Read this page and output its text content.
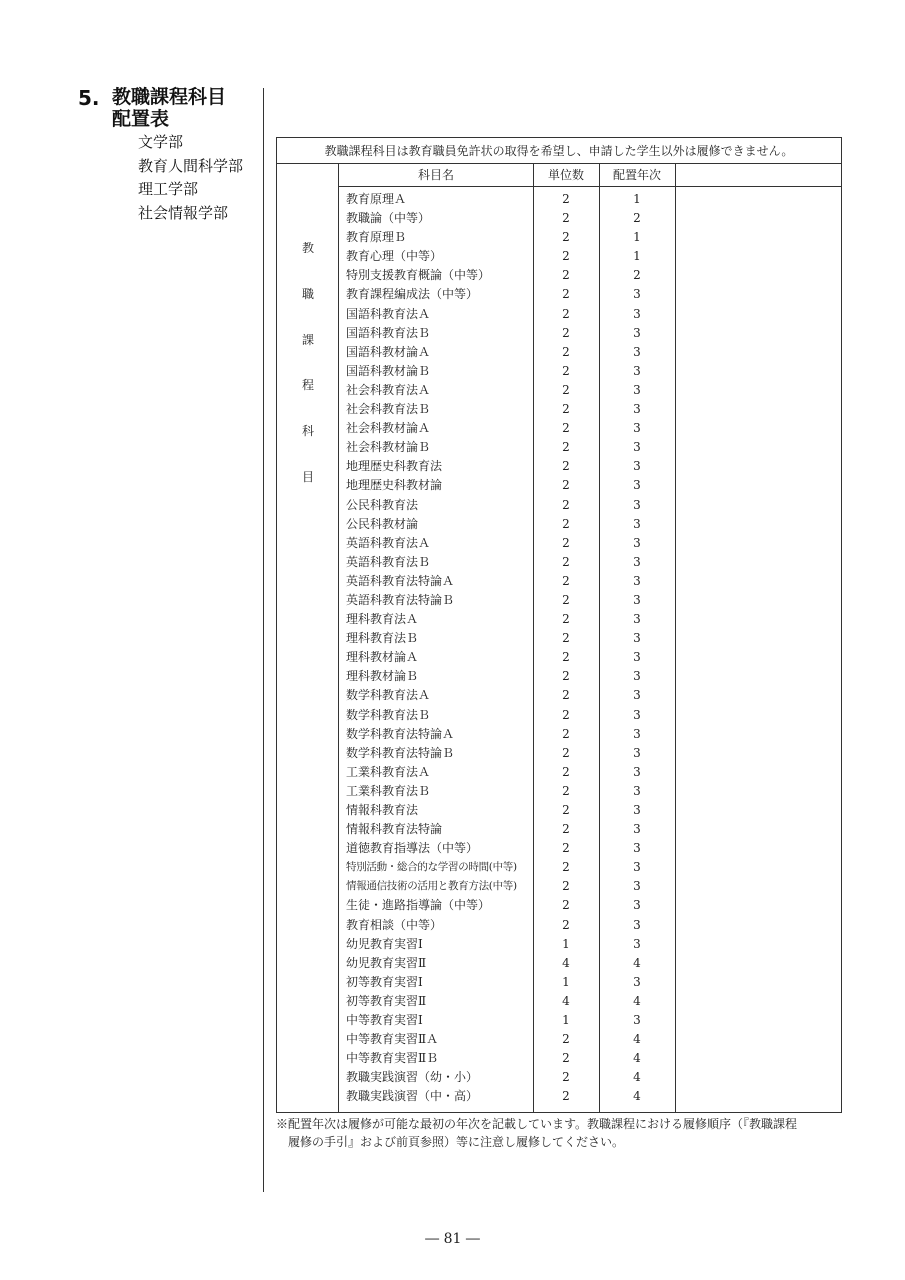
5. 教職課程科目
配置表
文学部
教育人間科学部
理工学部
社会情報学部
教職課程科目は教育職員免許状の取得を希望し、申請した学生以外は履修できません。
教
職
課
程
科
目
科目名	単位数	配置年次
教育原理Ａ	2	1
教職論（中等）	2	2
教育原理Ｂ	2	1
教育心理（中等）	2	1
特別支援教育概論（中等）	2	2
教育課程編成法（中等）	2	3
国語科教育法Ａ	2	3
国語科教育法Ｂ	2	3
国語科教材論Ａ	2	3
国語科教材論Ｂ	2	3
社会科教育法Ａ	2	3
社会科教育法Ｂ	2	3
社会科教材論Ａ	2	3
社会科教材論Ｂ	2	3
地理歴史科教育法	2	3
地理歴史科教材論	2	3
公民科教育法	2	3
公民科教材論	2	3
英語科教育法Ａ	2	3
英語科教育法Ｂ	2	3
英語科教育法特論Ａ	2	3
英語科教育法特論Ｂ	2	3
理科教育法Ａ	2	3
理科教育法Ｂ	2	3
理科教材論Ａ	2	3
理科教材論Ｂ	2	3
数学科教育法Ａ	2	3
数学科教育法Ｂ	2	3
数学科教育法特論Ａ	2	3
数学科教育法特論Ｂ	2	3
工業科教育法Ａ	2	3
工業科教育法Ｂ	2	3
情報科教育法	2	3
情報科教育法特論	2	3
道徳教育指導法（中等）	2	3
特別活動・総合的な学習の時間(中等)	2	3
情報通信技術の活用と教育方法(中等)	2	3
生徒・進路指導論（中等）	2	3
教育相談（中等）	2	3
幼児教育実習Ⅰ	1	3
幼児教育実習Ⅱ	4	4
初等教育実習Ⅰ	1	3
初等教育実習Ⅱ	4	4
中等教育実習Ⅰ	1	3
中等教育実習ⅡＡ	2	4
中等教育実習ⅡＢ	2	4
教職実践演習（幼・小）	2	4
教職実践演習（中・高）	2	4
※配置年次は履修が可能な最初の年次を記載しています。教職課程における履修順序（『教職課程
履修の手引』および前頁参照）等に注意し履修してください。
― 81 ―
